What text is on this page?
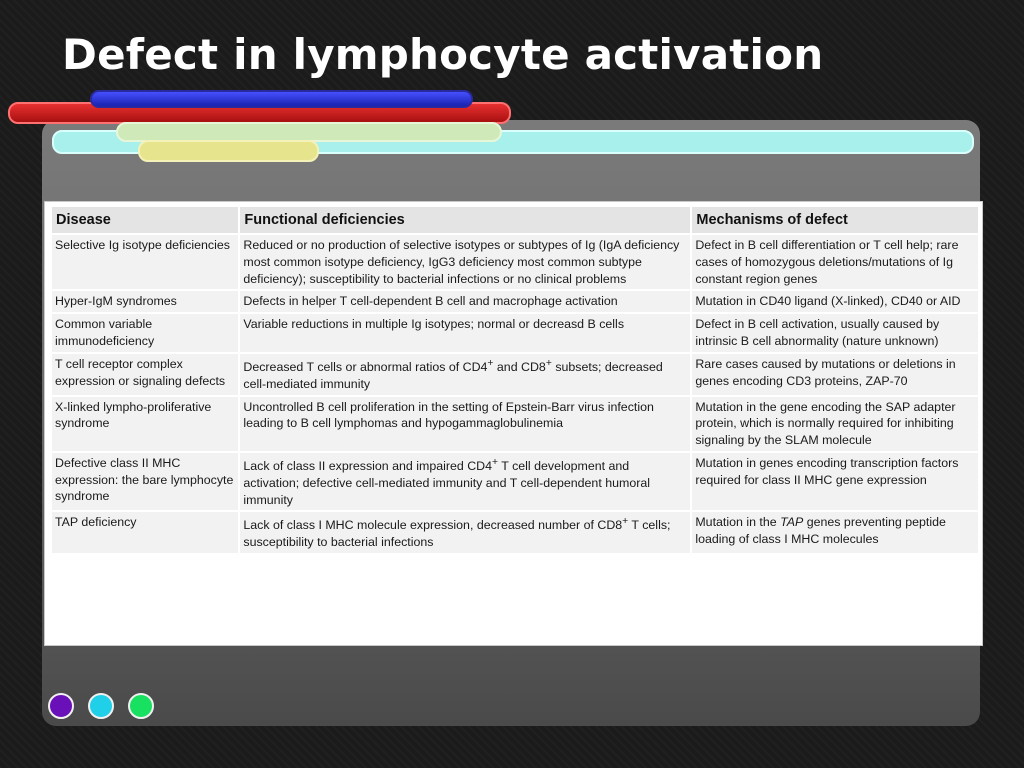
Defect in lymphocyte activation
Disease	Functional deficiencies	Mechanisms of defect
Selective Ig isotype deficiencies	Reduced or no production of selective isotypes or subtypes of Ig (IgA deficiency most common isotype deficiency, IgG3 deficiency most common subtype deficiency); susceptibility to bacterial infections or no clinical problems	Defect in B cell differentiation or T cell help; rare cases of homozygous deletions/mutations of Ig constant region genes
Hyper-IgM syndromes	Defects in helper T cell-dependent B cell and macrophage activation	Mutation in CD40 ligand (X-linked), CD40 or AID
Common variable immunodeficiency	Variable reductions in multiple Ig isotypes; normal or decreasd B cells	Defect in B cell activation, usually caused by intrinsic B cell abnormality (nature unknown)
T cell receptor complex expression or signaling defects	Decreased T cells or abnormal ratios of CD4+ and CD8+ subsets; decreased cell-mediated immunity	Rare cases caused by mutations or deletions in genes encoding CD3 proteins, ZAP-70
X-linked lympho-proliferative syndrome	Uncontrolled B cell proliferation in the setting of Epstein-Barr virus infection leading to B cell lymphomas and hypogammaglobulinemia	Mutation in the gene encoding the SAP adapter protein, which is normally required for inhibiting signaling by the SLAM molecule
Defective class II MHC expression: the bare lymphocyte syndrome	Lack of class II expression and impaired CD4+ T cell development and activation; defective cell-mediated immunity and T cell-dependent humoral immunity	Mutation in genes encoding transcription factors required for class II MHC gene expression
TAP deficiency	Lack of class I MHC molecule expression, decreased number of CD8+ T cells; susceptibility to bacterial infections	Mutation in the TAP genes preventing peptide loading of class I MHC molecules
